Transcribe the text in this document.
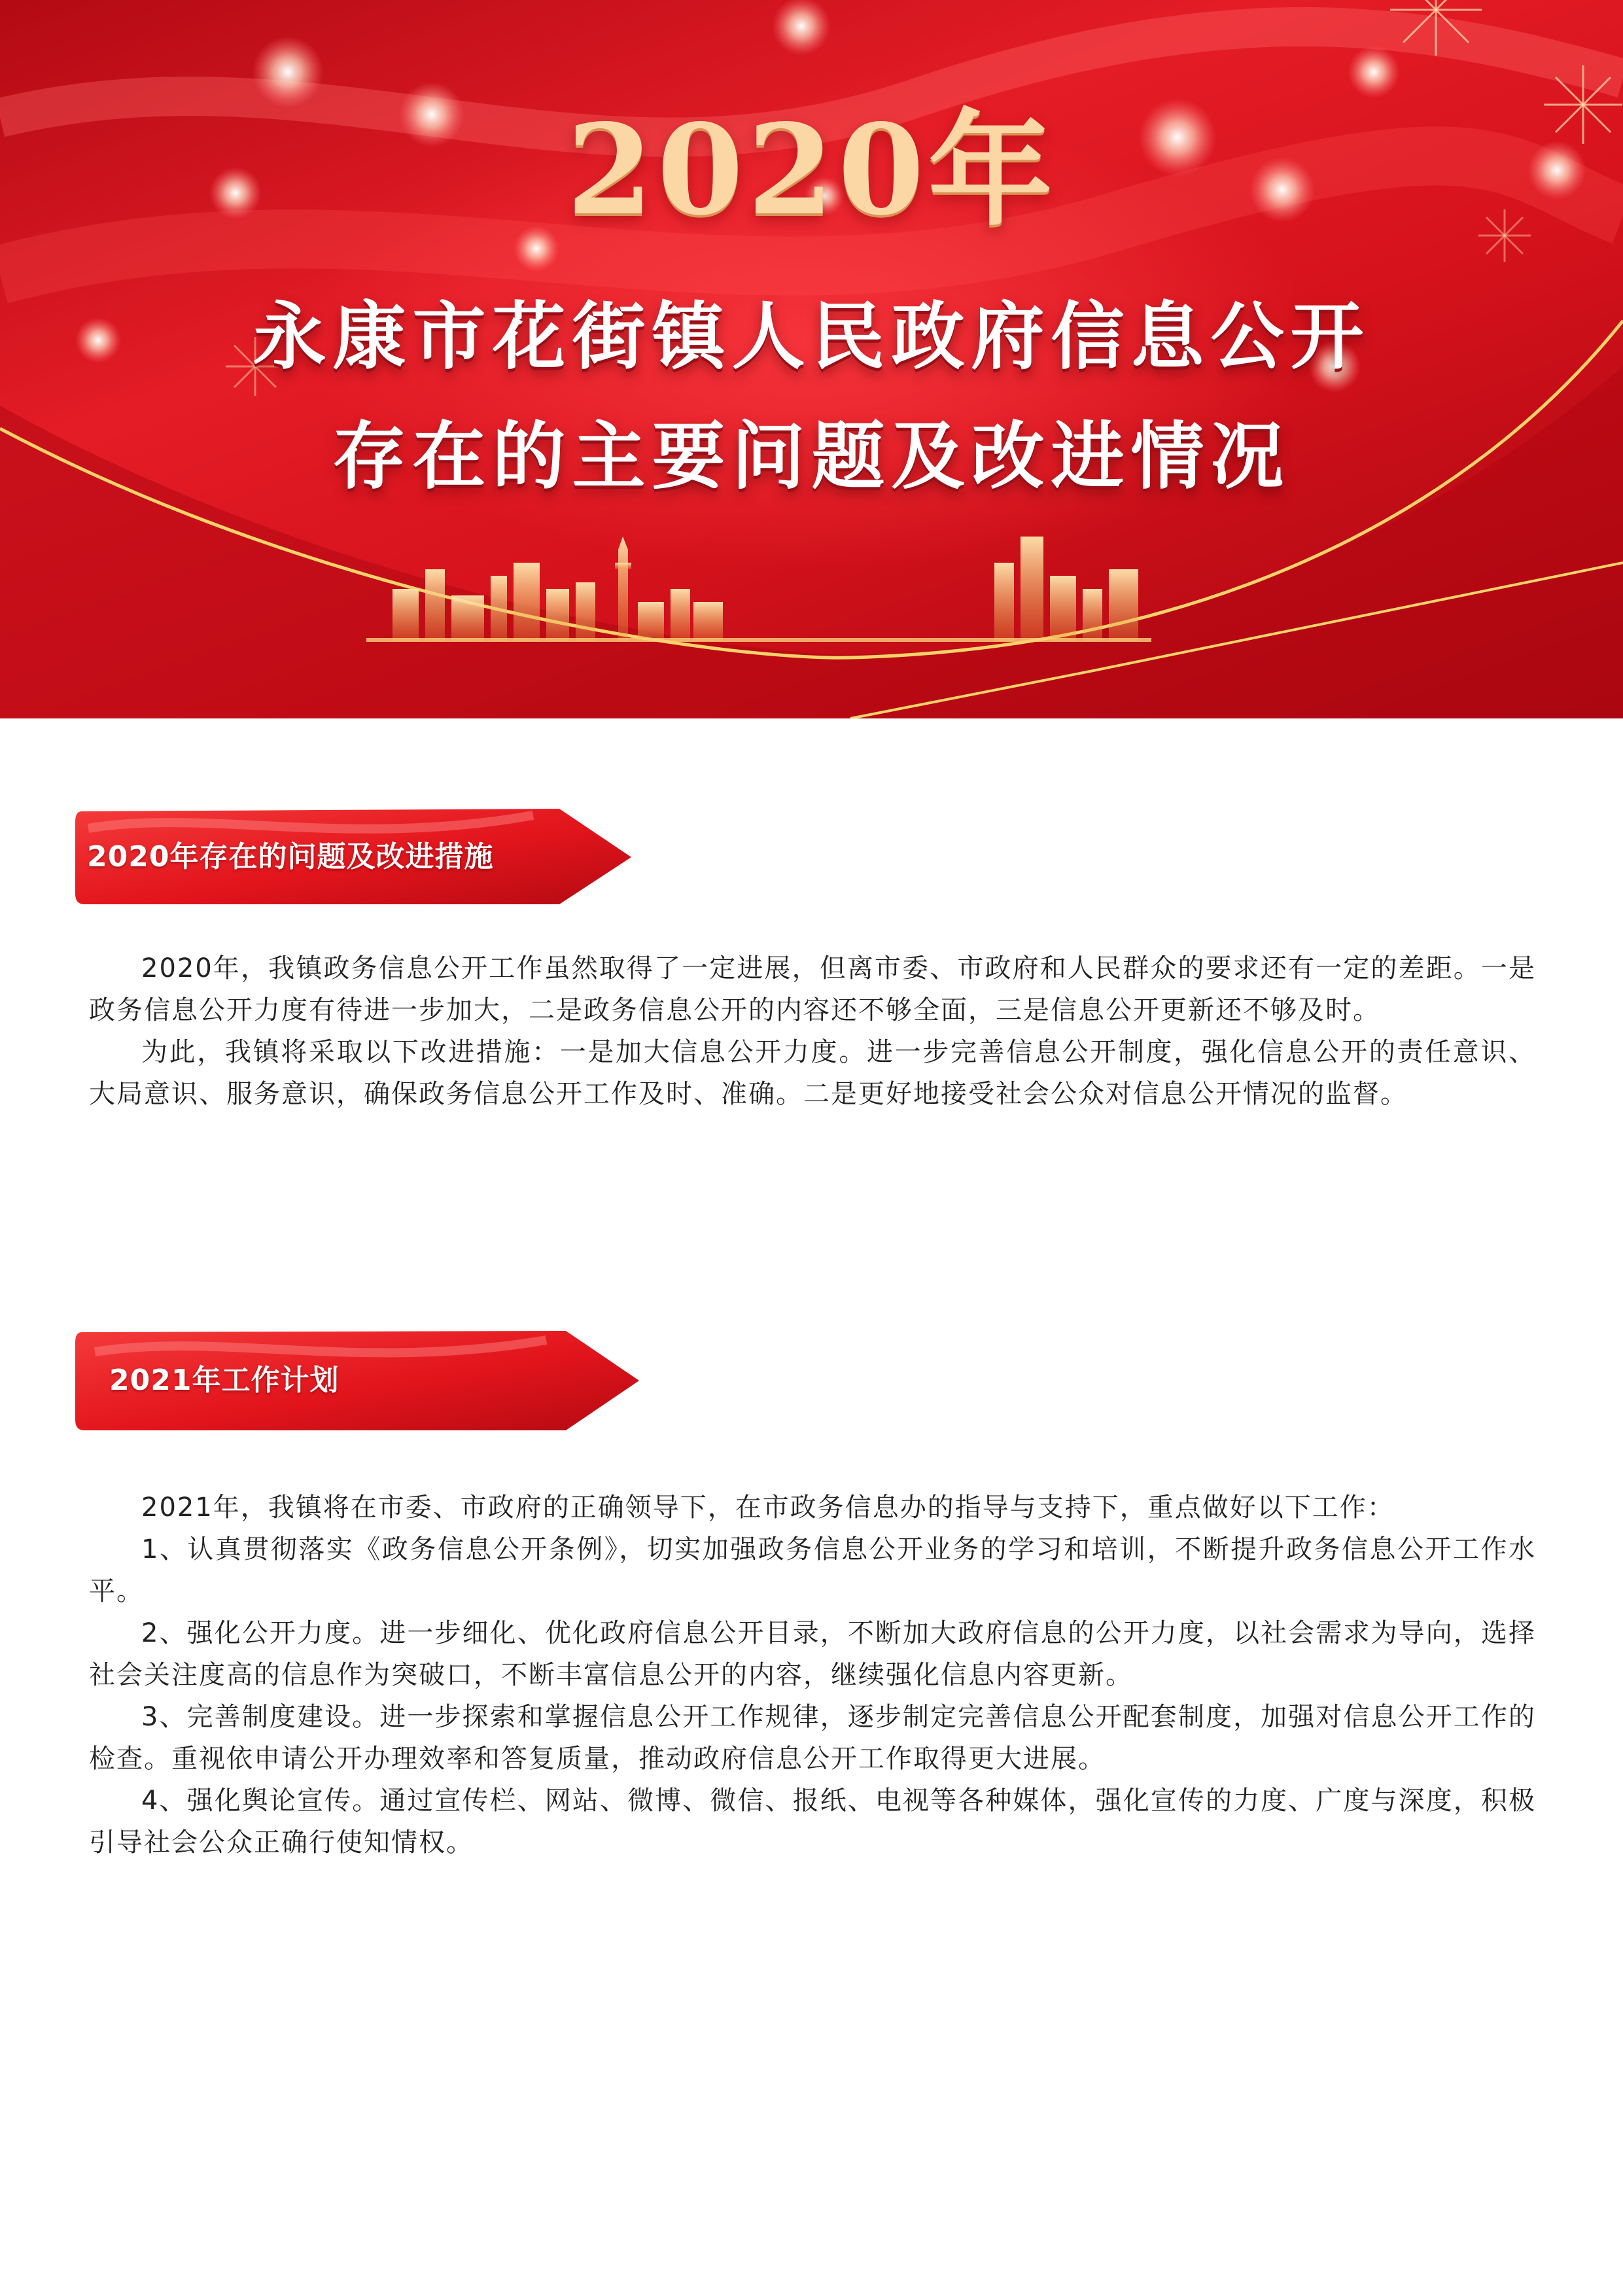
2020年
永康市花街镇人民政府信息公开
存在的主要问题及改进情况
2020年存在的问题及改进措施

2020年，我镇政务信息公开工作虽然取得了一定进展，但离市委、市政府和人民群众的要求还有一定的差距。一是政务信息公开力度有待进一步加大，二是政务信息公开的内容还不够全面，三是信息公开更新还不够及时。

为此，我镇将采取以下改进措施：一是加大信息公开力度。进一步完善信息公开制度，强化信息公开的责任意识、大局意识、服务意识，确保政务信息公开工作及时、准确。二是更好地接受社会公众对信息公开情况的监督。

2021年工作计划

2021年，我镇将在市委、市政府的正确领导下，在市政务信息办的指导与支持下，重点做好以下工作：

1、认真贯彻落实《政务信息公开条例》，切实加强政务信息公开业务的学习和培训，不断提升政务信息公开工作水平。

2、强化公开力度。进一步细化、优化政府信息公开目录，不断加大政府信息的公开力度，以社会需求为导向，选择社会关注度高的信息作为突破口，不断丰富信息公开的内容，继续强化信息内容更新。

3、完善制度建设。进一步探索和掌握信息公开工作规律，逐步制定完善信息公开配套制度，加强对信息公开工作的检查。重视依申请公开办理效率和答复质量，推动政府信息公开工作取得更大进展。

4、强化舆论宣传。通过宣传栏、网站、微博、微信、报纸、电视等各种媒体，强化宣传的力度、广度与深度，积极引导社会公众正确行使知情权。
